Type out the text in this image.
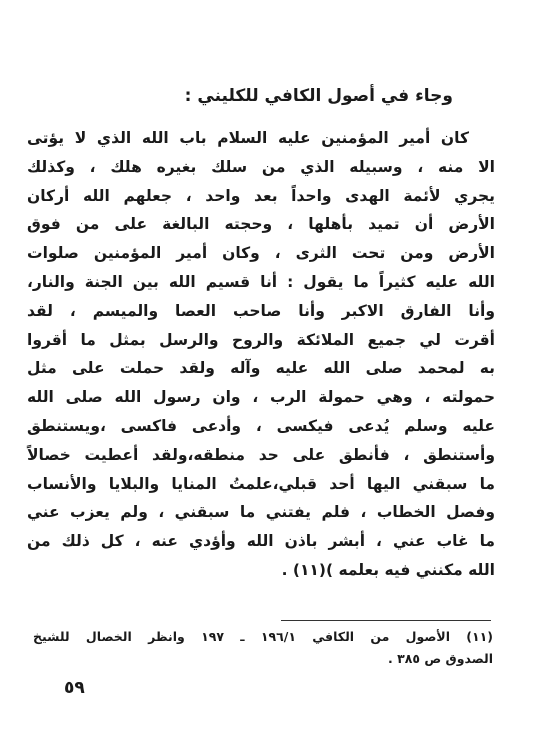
وجاء في أصول الكافي للكليني :
كان أمير المؤمنين عليه السلام باب الله الذي لا يؤتى
الا منه ، وسبيله الذي من سلك بغيره هلك ، وكذلك
يجري لأئمة الهدى واحداً بعد واحد ، جعلهم الله أركان
الأرض أن تميد بأهلها ، وحجته البالغة على من فوق
الأرض ومن تحت الثرى ، وكان أمير المؤمنين صلوات
الله عليه كثيراً ما يقول : أنا قسيم الله بين الجنة والنار،
وأنا الفارق الاكبر وأنا صاحب العصا والميسم ، لقد
أقرت لي جميع الملائكة والروح والرسل بمثل ما أقروا
به لمحمد صلى الله عليه وآله ولقد حملت على مثل
حمولته ، وهي حمولة الرب ، وان رسول الله صلى الله
عليه وسلم يُدعى فيكسى ، وأدعى فاكسى ،ويستنطق
وأستنطق ، فأنطق على حد منطقه،ولقد أعطيت خصالاً
ما سبقني اليها أحد قبلي،علمتُ المنايا والبلايا والأنساب
وفصل الخطاب ، فلم يفتني ما سبقني ، ولم يعزب عني
ما غاب عني ، أبشر باذن الله وأؤدي عنه ، كل ذلك من
الله مكنني فيه بعلمه )(١١) .
(١١) الأصول من الكافي ١٩٦/١ ـ ١٩٧ وانظر الخصال للشيخ
الصدوق ص ٣٨٥ .
٥٩
